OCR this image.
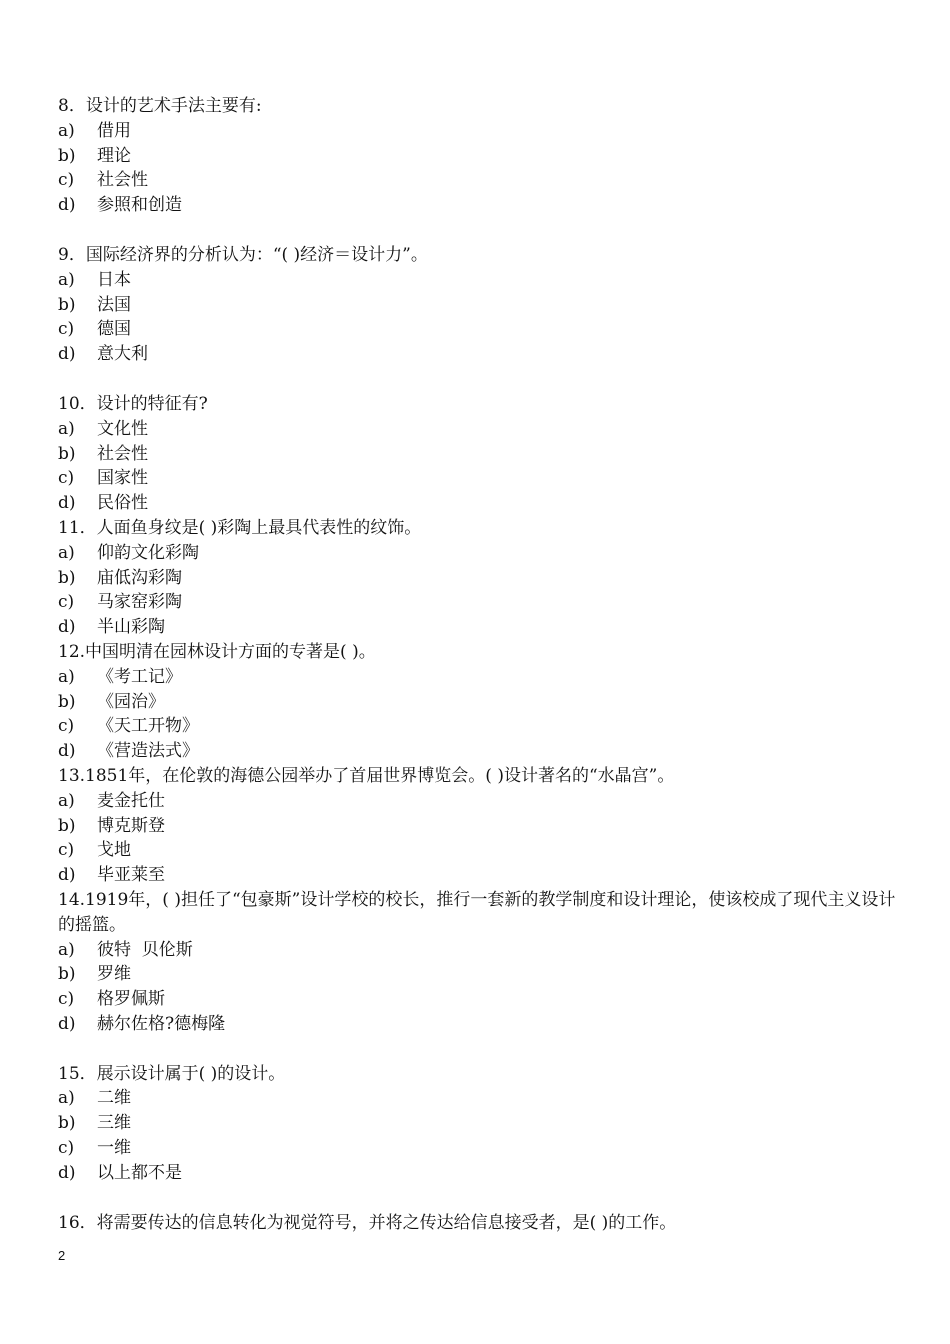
8．设计的艺术手法主要有:
a)	借用
b)	理论
c)	社会性
d)	参照和创造
9．国际经济界的分析认为：“( )经济＝设计力”。
a)	日本
b)	法国
c)	德国
d)	意大利
10．设计的特征有?
a)	文化性
b)	社会性
c)	国家性
d)	民俗性
11．人面鱼身纹是( )彩陶上最具代表性的纹饰。
a)	仰韵文化彩陶
b)	庙低沟彩陶
c)	马家窑彩陶
d)	半山彩陶
12.中国明清在园林设计方面的专著是( )。
a)	《考工记》
b)	《园治》
c)	《天工开物》
d)	《营造法式》
13.1851年，在伦敦的海德公园举办了首届世界博览会。( )设计著名的“水晶宫”。
a)	麦金托仕
b)	博克斯登
c)	戈地
d)	毕亚莱至
14.1919年，( )担任了“包豪斯”设计学校的校长，推行一套新的教学制度和设计理论，使该校成了现代主义设计的摇篮。
a)	彼特  贝伦斯
b)	罗维
c)	格罗佩斯
d)	赫尔佐格?德梅隆
15．展示设计属于( )的设计。
a)	二维
b)	三维
c)	一维
d)	以上都不是
16．将需要传达的信息转化为视觉符号，并将之传达给信息接受者，是( )的工作。
2
